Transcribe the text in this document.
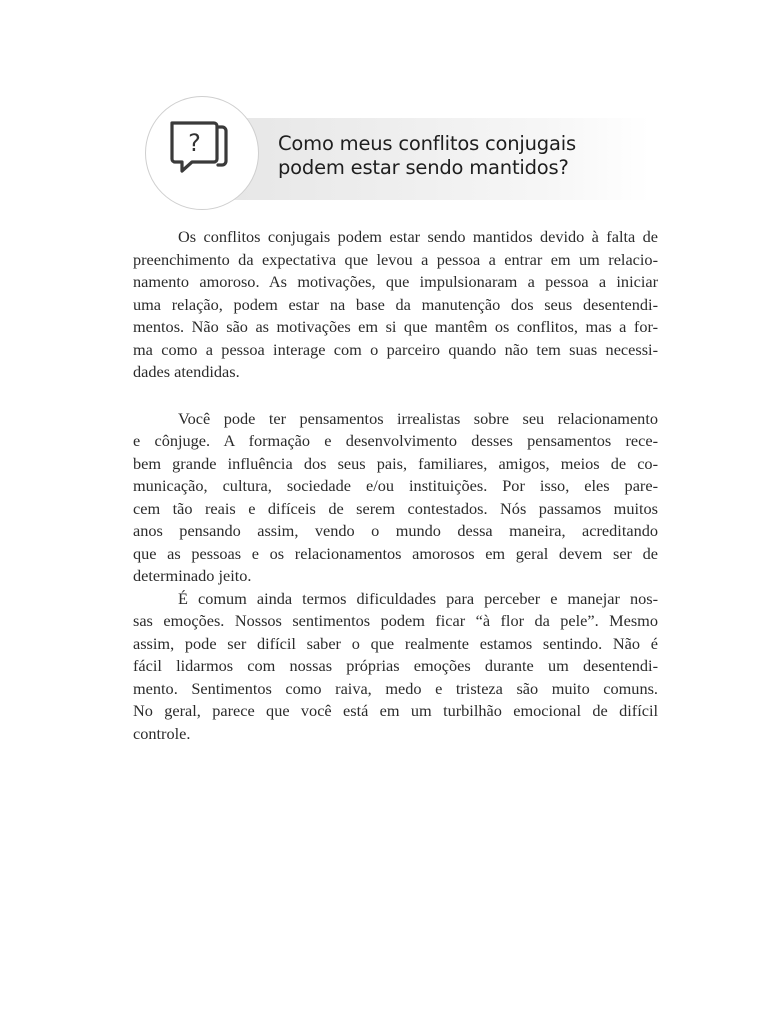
?	Como meus conflitos conjugais
podem estar sendo mantidos?
Os conflitos conjugais podem estar sendo mantidos devido à falta de
preenchimento da expectativa que levou a pessoa a entrar em um relacio-
namento amoroso. As motivações, que impulsionaram a pessoa a iniciar
uma relação, podem estar na base da manutenção dos seus desentendi-
mentos. Não são as motivações em si que mantêm os conflitos, mas a for-
ma como a pessoa interage com o parceiro quando não tem suas necessi-
dades atendidas.
Você pode ter pensamentos irrealistas sobre seu relacionamento
e cônjuge. A formação e desenvolvimento desses pensamentos rece-
bem grande influência dos seus pais, familiares, amigos, meios de co-
municação, cultura, sociedade e/ou instituições. Por isso, eles pare-
cem tão reais e difíceis de serem contestados. Nós passamos muitos
anos pensando assim, vendo o mundo dessa maneira, acreditando
que as pessoas e os relacionamentos amorosos em geral devem ser de
determinado jeito.
É comum ainda termos dificuldades para perceber e manejar nos-
sas emoções. Nossos sentimentos podem ficar “à flor da pele”. Mesmo
assim, pode ser difícil saber o que realmente estamos sentindo. Não é
fácil lidarmos com nossas próprias emoções durante um desentendi-
mento. Sentimentos como raiva, medo e tristeza são muito comuns.
No geral, parece que você está em um turbilhão emocional de difícil
controle.
